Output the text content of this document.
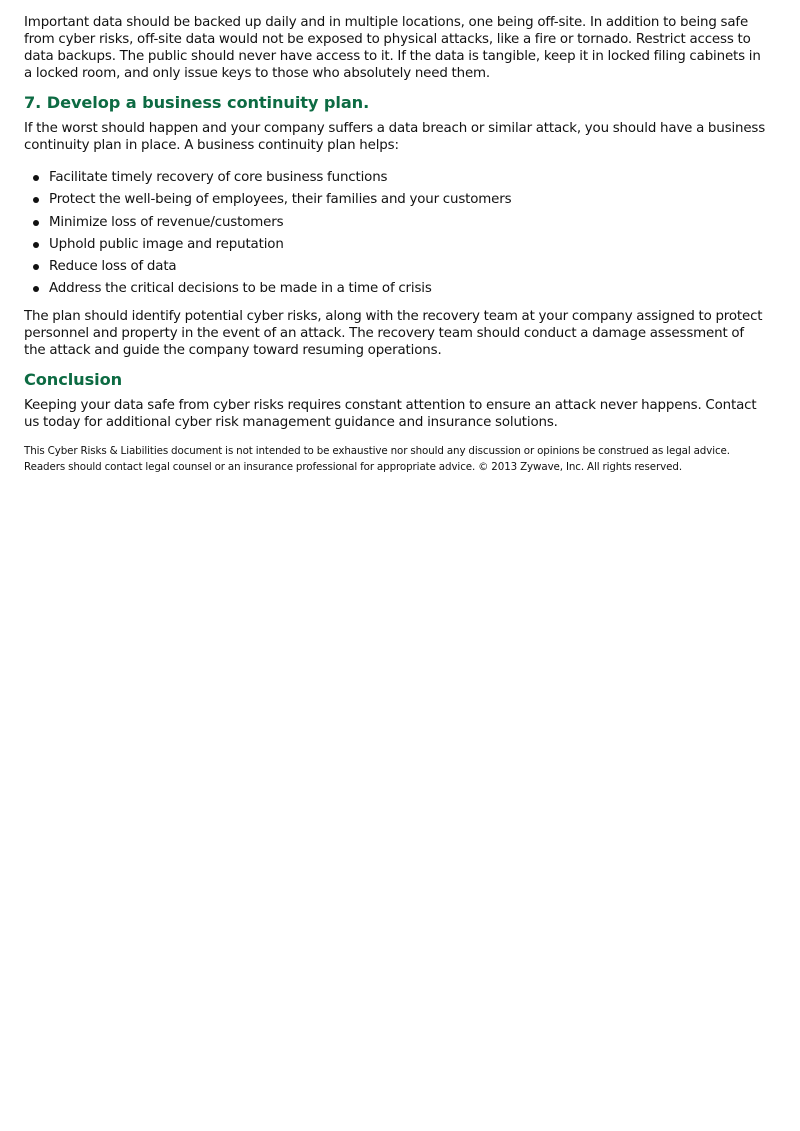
Important data should be backed up daily and in multiple locations, one being off-site. In addition to being safe from cyber risks, off-site data would not be exposed to physical attacks, like a fire or tornado. Restrict access to data backups. The public should never have access to it. If the data is tangible, keep it in locked filing cabinets in a locked room, and only issue keys to those who absolutely need them.

7. Develop a business continuity plan.

If the worst should happen and your company suffers a data breach or similar attack, you should have a business continuity plan in place. A business continuity plan helps:

Facilitate timely recovery of core business functions
Protect the well-being of employees, their families and your customers
Minimize loss of revenue/customers
Uphold public image and reputation
Reduce loss of data
Address the critical decisions to be made in a time of crisis

The plan should identify potential cyber risks, along with the recovery team at your company assigned to protect personnel and property in the event of an attack. The recovery team should conduct a damage assessment of the attack and guide the company toward resuming operations.

Conclusion

Keeping your data safe from cyber risks requires constant attention to ensure an attack never happens. Contact us today for additional cyber risk management guidance and insurance solutions.

This Cyber Risks & Liabilities document is not intended to be exhaustive nor should any discussion or opinions be construed as legal advice. Readers should contact legal counsel or an insurance professional for appropriate advice. © 2013 Zywave, Inc. All rights reserved.
